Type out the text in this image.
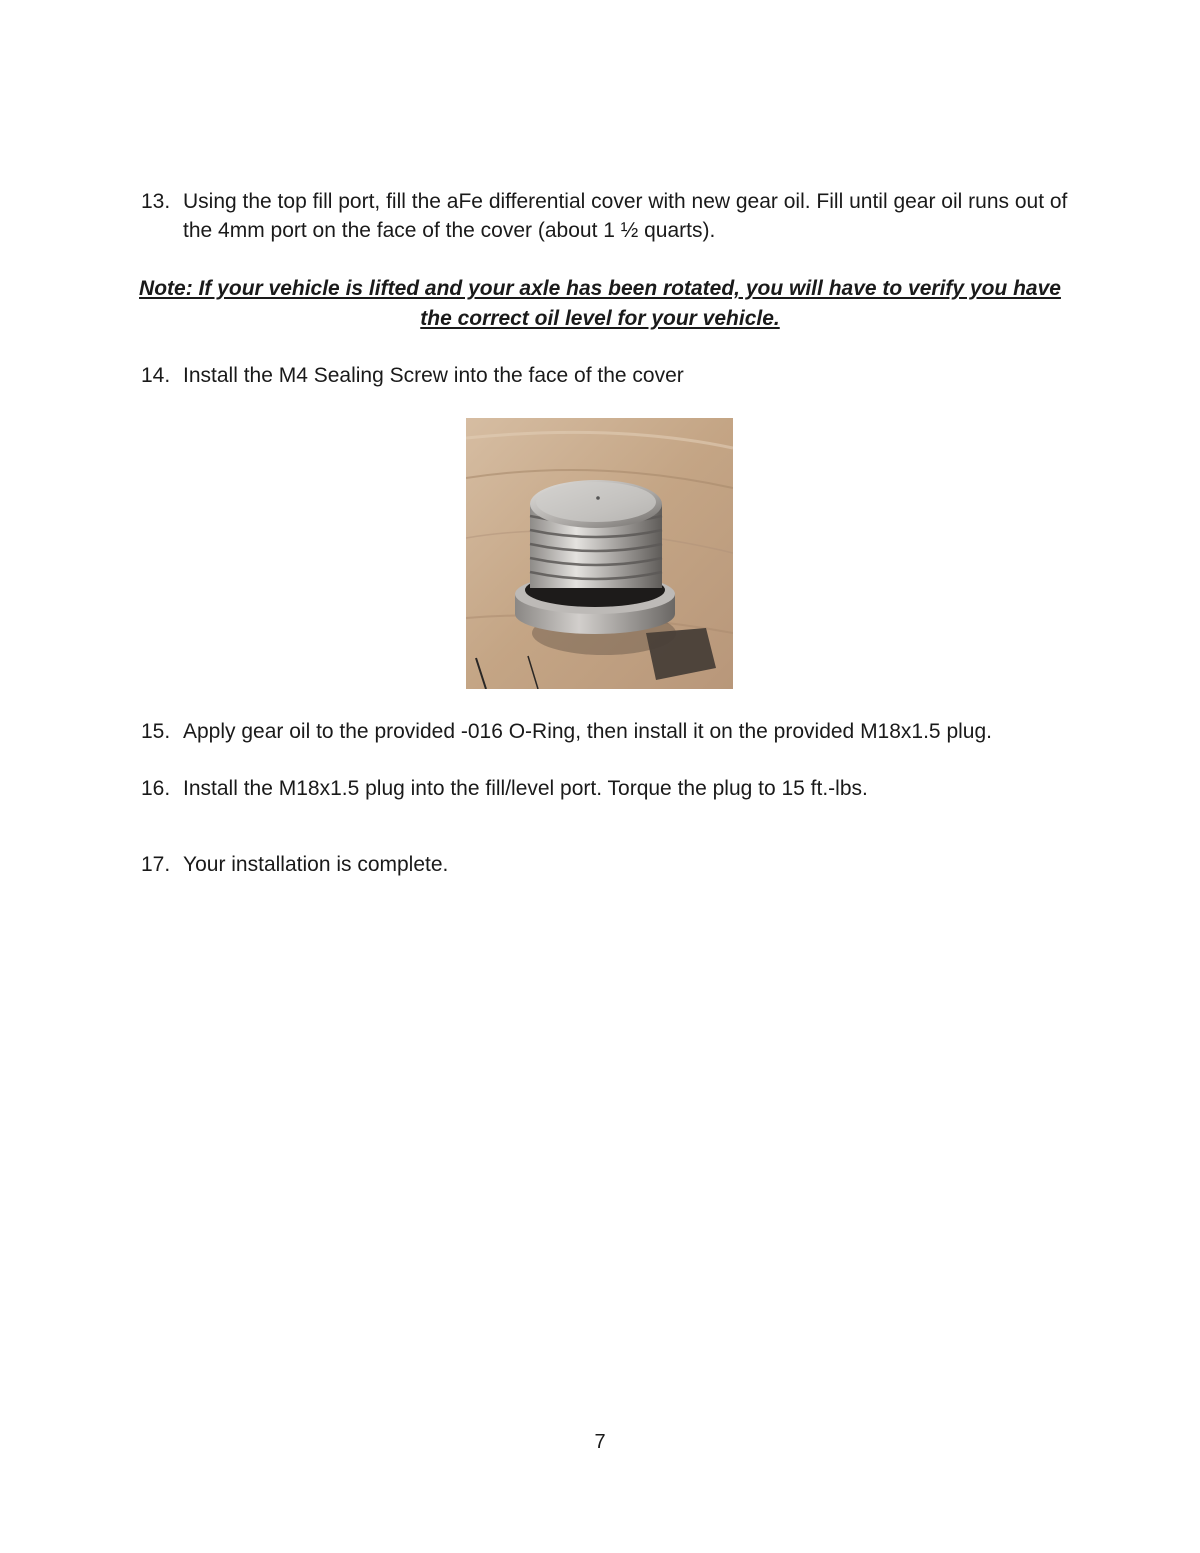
13. Using the top fill port, fill the aFe differential cover with new gear oil. Fill until gear oil runs out of the 4mm port on the face of the cover (about 1 ½ quarts).
Note: If your vehicle is lifted and your axle has been rotated, you will have to verify you have the correct oil level for your vehicle.
14. Install the M4 Sealing Screw into the face of the cover
15. Apply gear oil to the provided -016 O-Ring, then install it on the provided M18x1.5 plug.
16. Install the M18x1.5 plug into the fill/level port. Torque the plug to 15 ft.-lbs.
17. Your installation is complete.
7
